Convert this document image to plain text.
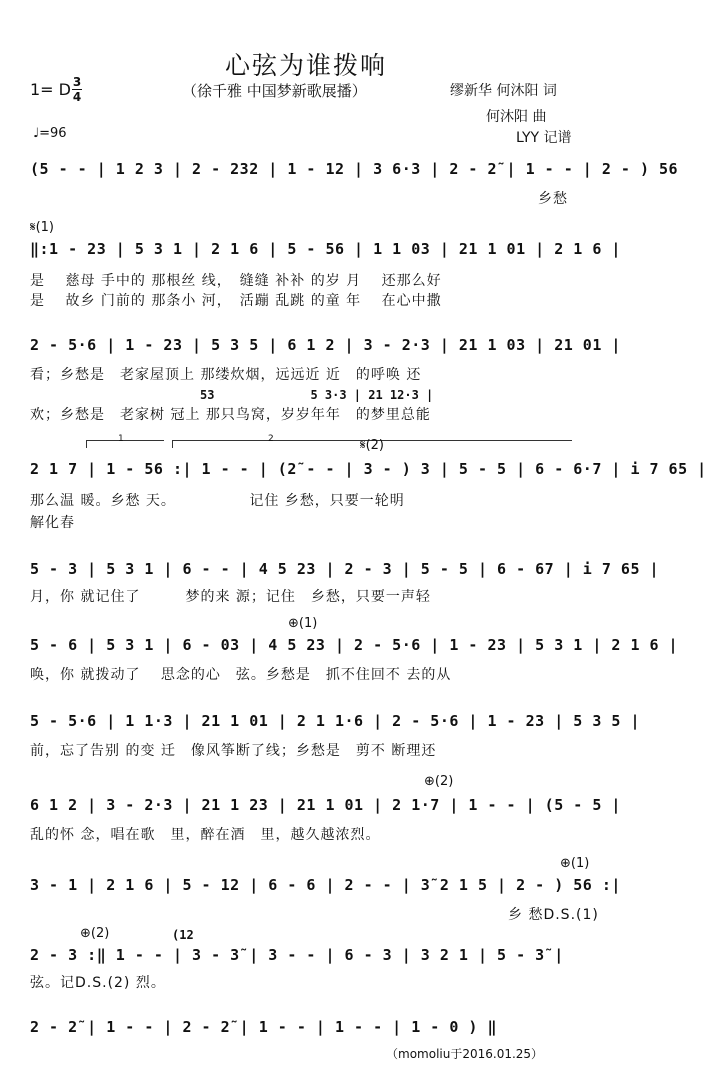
心弦为谁拨响
1= D 3
4	（徐千雅 中国梦新歌展播）	缪新华 何沐阳 词
何沐阳 曲
♩=96	LYY 记谱
(5 - - | 1 2 3 | 2 - 232 | 1 - 12 | 3 6·3 | 2 - 2̃ | 1 - - | 2 - ) 56
乡愁
𝄋(1)
‖:1 - 23 | 5 3 1 | 2 1 6 | 5 - 56 | 1 1 03 | 21 1 01 | 2 1 6 |
是　 慈母 手中的 那根丝 线，　缝缝 补补 的岁 月　 还那么好
是　 故乡 门前的 那条小 河，　活蹦 乱跳 的童 年　 在心中撒
2 - 5·6 | 1 - 23 | 5 3 5 | 6 1 2 | 3 - 2·3 | 21 1 03 | 21 01 |
看；乡愁是　老家屋顶上 那缕炊烟，远远近 近　的呼唤 还
53　　　　　　　　5 3·3 | 21 12·3 |
欢；乡愁是　老家树 冠上 那只鸟窝，岁岁年年　的梦里总能
1	2	𝄋(2)
2 1 7 | 1 - 56 :| 1 - - | (2̃ - - | 3 - ) 3 | 5 - 5 | 6 - 6·7 | i 7 65 |
那么温 暖。乡愁 天。　　　　　 记住 乡愁，只要一轮明
解化春
5 - 3 | 5 3 1 | 6 - - | 4 5 23 | 2 - 3 | 5 - 5 | 6 - 67 | i 7 65 |
月，你 就记住了　　　梦的来 源；记住　乡愁，只要一声轻
⊕(1)
5 - 6 | 5 3 1 | 6 - 03 | 4 5 23 | 2 - 5·6 | 1 - 23 | 5 3 1 | 2 1 6 |
唤，你 就拨动了　 思念的心　弦。乡愁是　抓不住回不 去的从
5 - 5·6 | 1 1·3 | 21 1 01 | 2 1 1·6 | 2 - 5·6 | 1 - 23 | 5 3 5 |
前，忘了告别 的变 迁　像风筝断了线；乡愁是　剪不 断理还
⊕(2)
6 1 2 | 3 - 2·3 | 21 1 23 | 21 1 01 | 2 1·7 | 1 - - | (5 - 5 |
乱的怀 念，唱在歌　里，醉在酒　里，越久越浓烈。
⊕(1)
3 - 1 | 2 1 6 | 5 - 12 | 6 - 6 | 2 - - | 3̃ 2 1 5 | 2 - ) 56 :|
乡 愁D.S.(1)
⊕(2)	(12
2 - 3 :‖ 1 - - | 3 - 3̃ | 3 - - | 6 - 3 | 3 2 1 | 5 - 3̃ |
弦。记D.S.(2) 烈。
2 - 2̃ | 1 - - | 2 - 2̃ | 1 - - | 1 - - | 1 - 0 ) ‖
（momoliu于2016.01.25）
